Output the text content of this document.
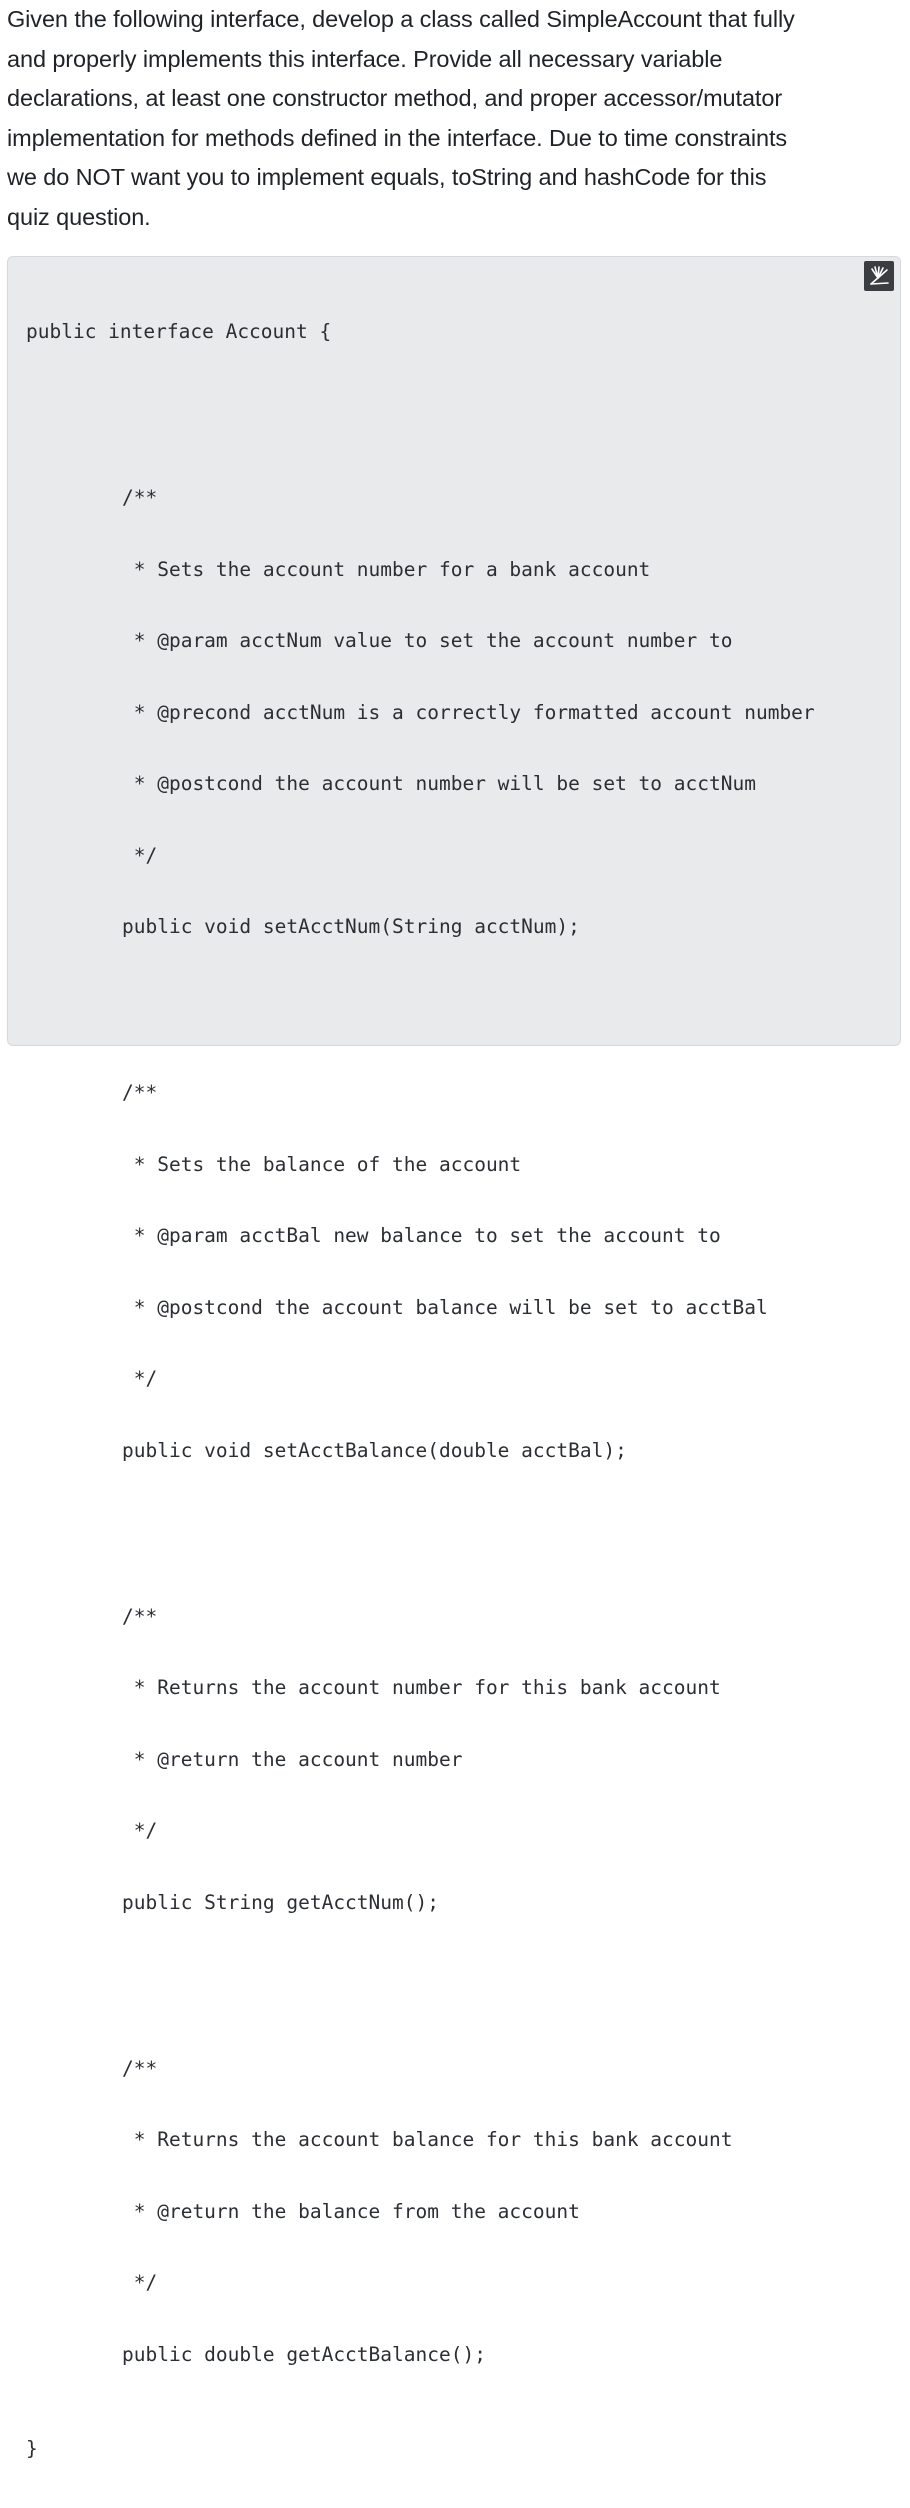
Given the following interface, develop a class called SimpleAccount that fully
and properly implements this interface. Provide all necessary variable
declarations, at least one constructor method, and proper accessor/mutator
implementation for methods defined in the interface. Due to time constraints
we do NOT want you to implement equals, toString and hashCode for this
quiz question.

public interface Account {

/**

* Sets the account number for a bank account

* @param acctNum value to set the account number to

* @precond acctNum is a correctly formatted account number

* @postcond the account number will be set to acctNum

*/

public void setAcctNum(String acctNum);

/**

* Sets the balance of the account

* @param acctBal new balance to set the account to

* @postcond the account balance will be set to acctBal

*/

public void setAcctBalance(double acctBal);

/**

* Returns the account number for this bank account

* @return the account number

*/

public String getAcctNum();

/**

* Returns the account balance for this bank account

* @return the balance from the account

*/

public double getAcctBalance();

}
